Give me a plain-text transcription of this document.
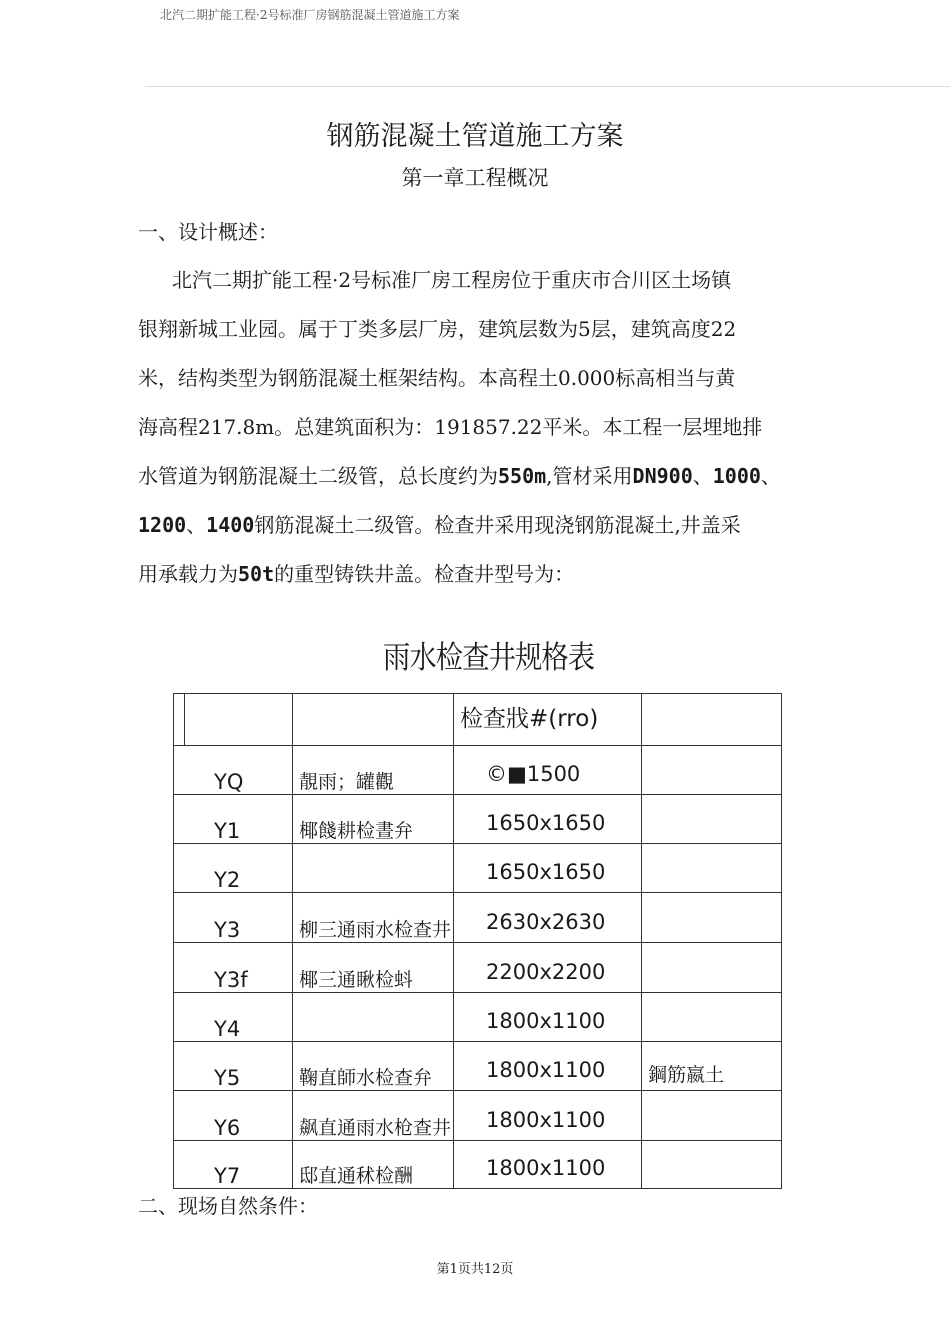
北汽二期扩能工程·2号标准厂房钢筋混凝土管道施工方案
钢筋混凝土管道施工方案
第一章工程概况
一、设计概述：
北汽二期扩能工程·2号标准厂房工程房位于重庆市合川区土场镇
银翔新城工业园。属于丁类多层厂房，建筑层数为5层，建筑高度22
米，结构类型为钢筋混凝土框架结构。本高程土0.000标高相当与黄
海高程217.8m。总建筑面积为：191857.22平米。本工程一层埋地排
水管道为钢筋混凝土二级管，总长度约为550m,管材采用DN900、1000、
1200、1400钢筋混凝土二级管。检查井采用现浇钢筋混凝土,井盖采
用承载力为50t的重型铸铁井盖。检查井型号为：
雨水检查井规格表
		检查戕#(rro)	
YQ	靚雨；罐觀	©■1500	
Y1	椰餞耕检晝弁	1650x1650	
Y2		1650x1650	
Y3	柳三通雨水检查井	2630x2630	
Y3f	椰三通瞅检蚪	2200x2200	
Y4		1800x1100	
Y5	鞠直師水检查弁	1800x1100	鋼筋嬴土
Y6	飙直通雨水枪查井	1800x1100	
Y7	邸直通秫检酬	1800x1100	
二、现场自然条件：
第1页共12页
